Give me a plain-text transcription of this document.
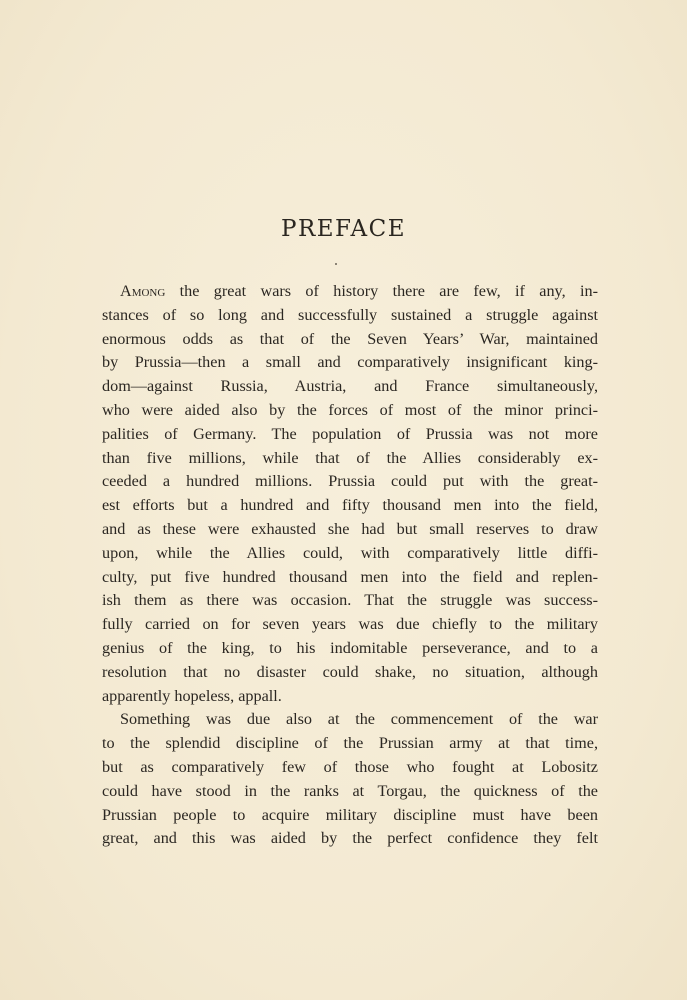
PREFACE
Among the great wars of history there are few, if any, in-
stances of so long and successfully sustained a struggle against
enormous odds as that of the Seven Years’ War, maintained
by Prussia—then a small and comparatively insignificant king-
dom—against Russia, Austria, and France simultaneously,
who were aided also by the forces of most of the minor princi-
palities of Germany. The population of Prussia was not more
than five millions, while that of the Allies considerably ex-
ceeded a hundred millions. Prussia could put with the great-
est efforts but a hundred and fifty thousand men into the field,
and as these were exhausted she had but small reserves to draw
upon, while the Allies could, with comparatively little diffi-
culty, put five hundred thousand men into the field and replen-
ish them as there was occasion. That the struggle was success-
fully carried on for seven years was due chiefly to the military
genius of the king, to his indomitable perseverance, and to a
resolution that no disaster could shake, no situation, although
apparently hopeless, appall.
Something was due also at the commencement of the war
to the splendid discipline of the Prussian army at that time,
but as comparatively few of those who fought at Lobositz
could have stood in the ranks at Torgau, the quickness of the
Prussian people to acquire military discipline must have been
great, and this was aided by the perfect confidence they felt
